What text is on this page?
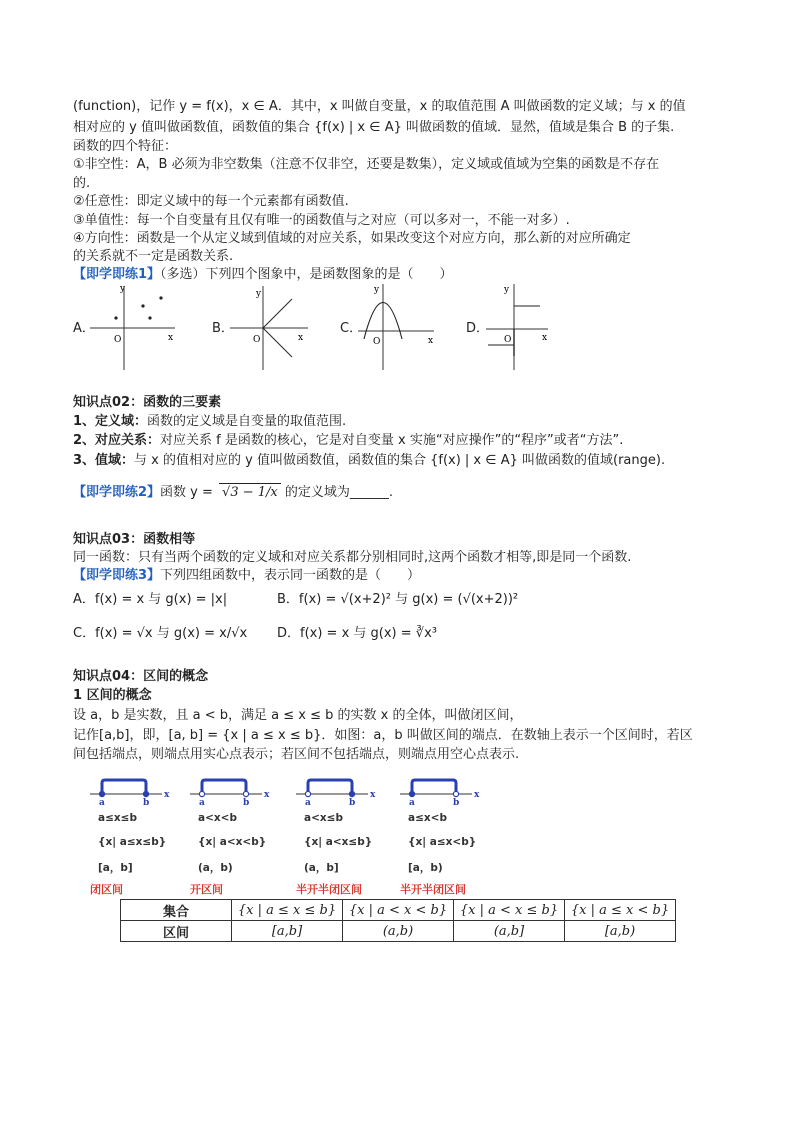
(function)，记作 y = f(x)，x ∈ A．其中，x 叫做自变量，x 的取值范围 A 叫做函数的定义域；与 x 的值
相对应的 y 值叫做函数值，函数值的集合 {f(x) | x ∈ A} 叫做函数的值域．显然，值域是集合 B 的子集.
函数的四个特征：
①非空性：A，B 必须为非空数集（注意不仅非空，还要是数集），定义域或值域为空集的函数是不存在
的.
②任意性：即定义域中的每一个元素都有函数值.
③单值性：每一个自变量有且仅有唯一的函数值与之对应（可以多对一，不能一对多）.
④方向性：函数是一个从定义域到值域的对应关系，如果改变这个对应方向，那么新的对应所确定
的关系就不一定是函数关系.
【即学即练1】（多选）下列四个图象中，是函数图象的是（　　）
A．	B．	C．	D．
y
x
O
y
x
O
y
x
O
y
x
O
知识点02：函数的三要素
1、定义域：函数的定义域是自变量的取值范围.
2、对应关系：对应关系 f 是函数的核心，它是对自变量 x 实施“对应操作”的“程序”或者“方法”.
3、值域：与 x 的值相对应的 y 值叫做函数值，函数值的集合 {f(x) | x ∈ A} 叫做函数的值域(range).
【即学即练2】函数 y = √3 − 1/x 的定义域为______.
知识点03：函数相等
同一函数：只有当两个函数的定义域和对应关系都分别相同时,这两个函数才相等,即是同一个函数.
【即学即练3】下列四组函数中，表示同一函数的是（　　）
A．f(x) = x 与 g(x) = |x|	B．f(x) = √(x+2)² 与 g(x) = (√(x+2))²
C．f(x) = √x 与 g(x) = x/√x D．f(x) = x 与 g(x) = ∛x³
知识点04：区间的概念
1 区间的概念
设 a，b 是实数，且 a < b，满足 a ≤ x ≤ b 的实数 x 的全体，叫做闭区间，
记作[a,b]，即，[a, b] = {x | a ≤ x ≤ b}．如图：a，b 叫做区间的端点．在数轴上表示一个区间时，若区
间包括端点，则端点用实心点表示；若区间不包括端点，则端点用空心点表示.
a	b
x
a≤x≤b
{x| a≤x≤b}
[a，b]
闭区间
a	b
x
a<x<b
{x| a<x<b}
(a，b)
开区间
a	b
x
a<x≤b
{x| a<x≤b}
(a，b]
半开半闭区间
a	b
x
a≤x<b
{x| a≤x<b}
[a，b)
半开半闭区间
集合	{x | a ≤ x ≤ b}	{x | a < x < b}	{x | a < x ≤ b}	{x | a ≤ x < b}
区间	[a,b]	(a,b)	(a,b]	[a,b)
